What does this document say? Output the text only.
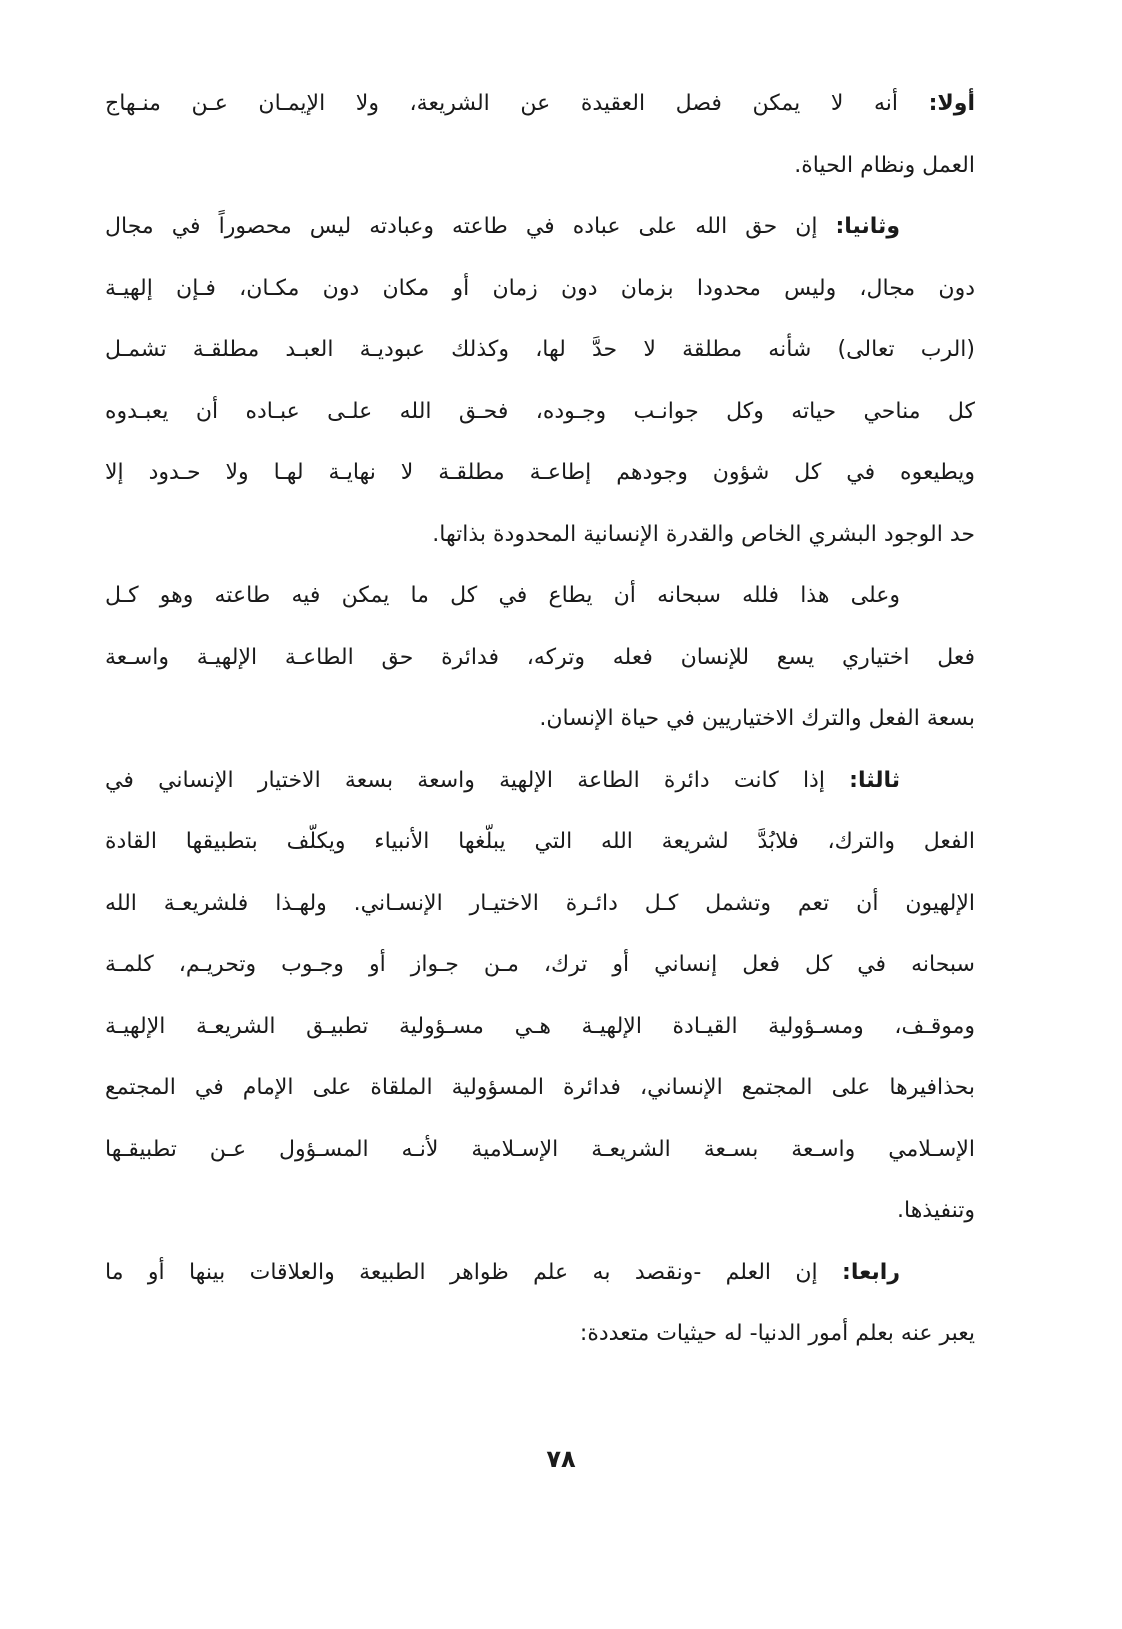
أولا: أنه لا يمكن فصل العقيدة عن الشريعة، ولا الإيمـان عـن منـهاج
العمل ونظام الحياة.
وثانيا: إن حق الله على عباده في طاعته وعبادته ليس محصوراً في مجال
دون مجال، وليس محدودا بزمان دون زمان أو مكان دون مكـان، فـإن إلهيـة
(الرب تعالى) شأنه مطلقة لا حدَّ لها، وكذلك عبوديـة العبـد مطلقـة تشمـل
كل مناحي حياته وكل جوانـب وجـوده، فحـق الله علـى عبـاده أن يعبـدوه
ويطيعوه في كل شؤون وجودهم إطاعـة مطلقـة لا نهايـة لهـا ولا حـدود إلا
حد الوجود البشري الخاص والقدرة الإنسانية المحدودة بذاتها.
وعلى هذا فلله سبحانه أن يطاع في كل ما يمكن فيه طاعته وهو كـل
فعل اختياري يسع للإنسان فعله وتركه، فدائرة حق الطاعـة الإلهيـة واسـعة
بسعة الفعل والترك الاختياريين في حياة الإنسان.
ثالثا: إذا كانت دائرة الطاعة الإلهية واسعة بسعة الاختيار الإنساني في
الفعل والترك، فلابُدَّ لشريعة الله التي يبلّغها الأنبياء ويكلّف بتطبيقها القادة
الإلهيون أن تعم وتشمل كـل دائـرة الاختيـار الإنسـاني. ولهـذا فلشريعـة الله
سبحانه في كل فعل إنساني أو ترك، مـن جـواز أو وجـوب وتحريـم، كلمـة
وموقـف، ومسـؤولية القيـادة الإلهيـة هـي مسـؤولية تطبيـق الشريعـة الإلهيـة
بحذافيرها على المجتمع الإنساني، فدائرة المسؤولية الملقاة على الإمام في المجتمع
الإسـلامي واسـعة بسـعة الشريعـة الإسـلامية لأنـه المسـؤول عـن تطبيقـها
وتنفيذها.
رابعا: إن العلم -ونقصد به علم ظواهر الطبيعة والعلاقات بينها أو ما
يعبر عنه بعلم أمور الدنيا- له حيثيات متعددة:
٧٨
